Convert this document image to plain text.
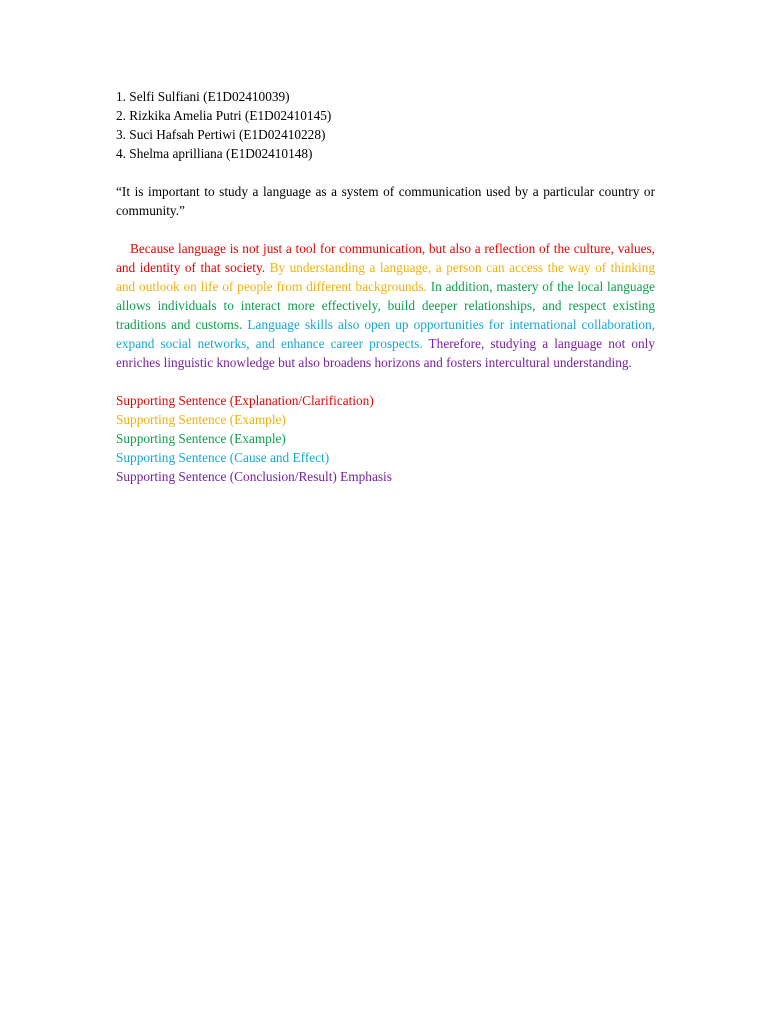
1. Selfi Sulfiani (E1D02410039)
2. Rizkika Amelia Putri (E1D02410145)
3. Suci Hafsah Pertiwi (E1D02410228)
4. Shelma aprilliana (E1D02410148)

“It is important to study a language as a system of communication used by a particular country or community.”

Because language is not just a tool for communication, but also a reflection of the culture, values, and identity of that society. By understanding a language, a person can access the way of thinking and outlook on life of people from different backgrounds. In addition, mastery of the local language allows individuals to interact more effectively, build deeper relationships, and respect existing traditions and customs. Language skills also open up opportunities for international collaboration, expand social networks, and enhance career prospects. Therefore, studying a language not only enriches linguistic knowledge but also broadens horizons and fosters intercultural understanding.

Supporting Sentence (Explanation/Clarification)
Supporting Sentence (Example)
Supporting Sentence (Example)
Supporting Sentence (Cause and Effect)
Supporting Sentence (Conclusion/Result) Emphasis
